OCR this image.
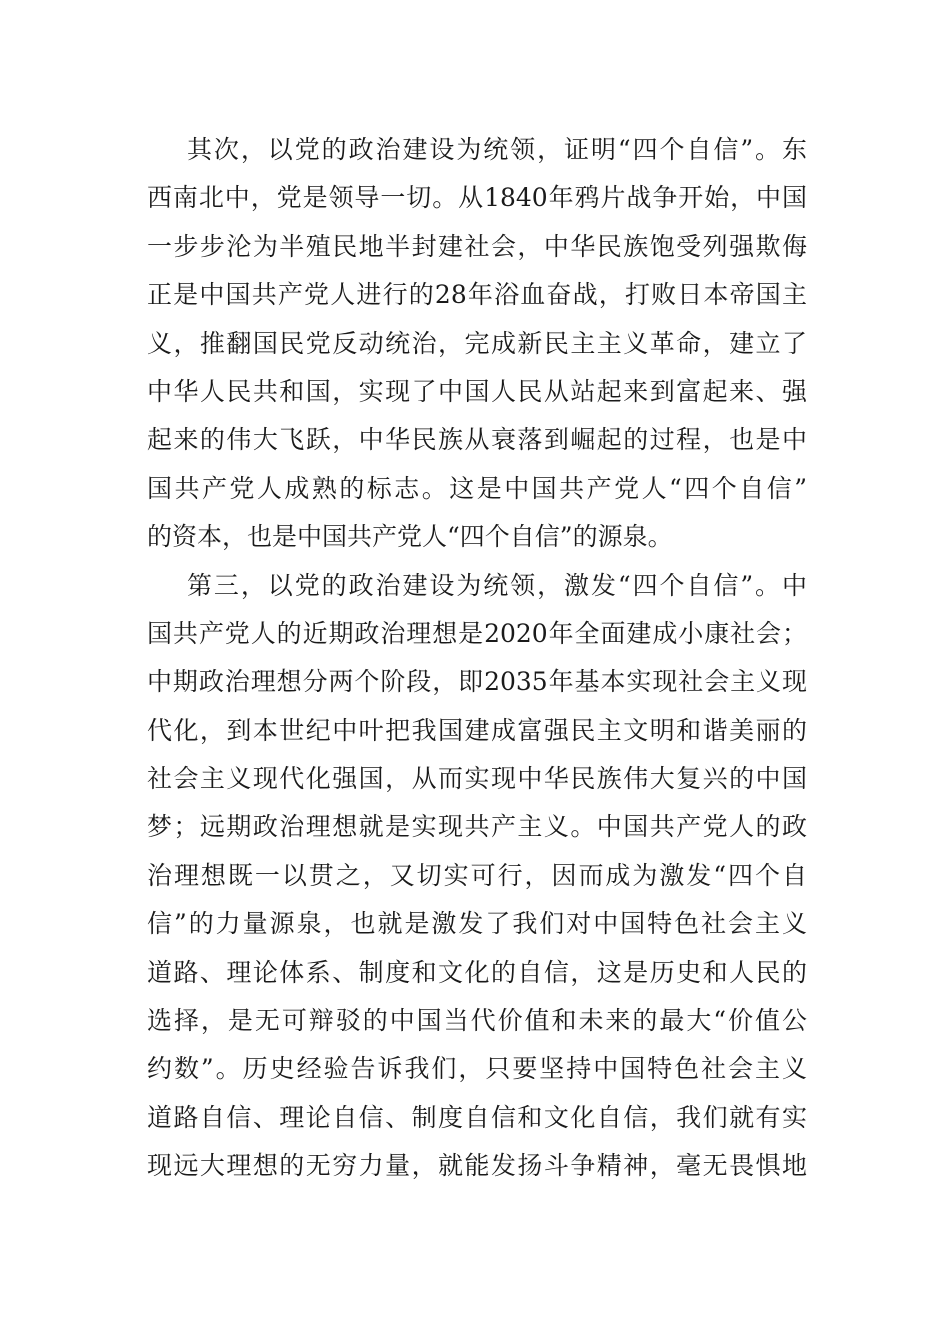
其次，以党的政治建设为统领，证明“四个自信”。东
西南北中，党是领导一切。从1840年鸦片战争开始，中国
一步步沦为半殖民地半封建社会，中华民族饱受列强欺侮
正是中国共产党人进行的28年浴血奋战，打败日本帝国主
义，推翻国民党反动统治，完成新民主主义革命，建立了
中华人民共和国，实现了中国人民从站起来到富起来、强
起来的伟大飞跃，中华民族从衰落到崛起的过程，也是中
国共产党人成熟的标志。这是中国共产党人“四个自信”
的资本，也是中国共产党人“四个自信”的源泉。
第三，以党的政治建设为统领，激发“四个自信”。中
国共产党人的近期政治理想是2020年全面建成小康社会；
中期政治理想分两个阶段，即2035年基本实现社会主义现
代化，到本世纪中叶把我国建成富强民主文明和谐美丽的
社会主义现代化强国，从而实现中华民族伟大复兴的中国
梦；远期政治理想就是实现共产主义。中国共产党人的政
治理想既一以贯之，又切实可行，因而成为激发“四个自
信”的力量源泉，也就是激发了我们对中国特色社会主义
道路、理论体系、制度和文化的自信，这是历史和人民的
选择，是无可辩驳的中国当代价值和未来的最大“价值公
约数”。历史经验告诉我们，只要坚持中国特色社会主义
道路自信、理论自信、制度自信和文化自信，我们就有实
现远大理想的无穷力量，就能发扬斗争精神，毫无畏惧地
